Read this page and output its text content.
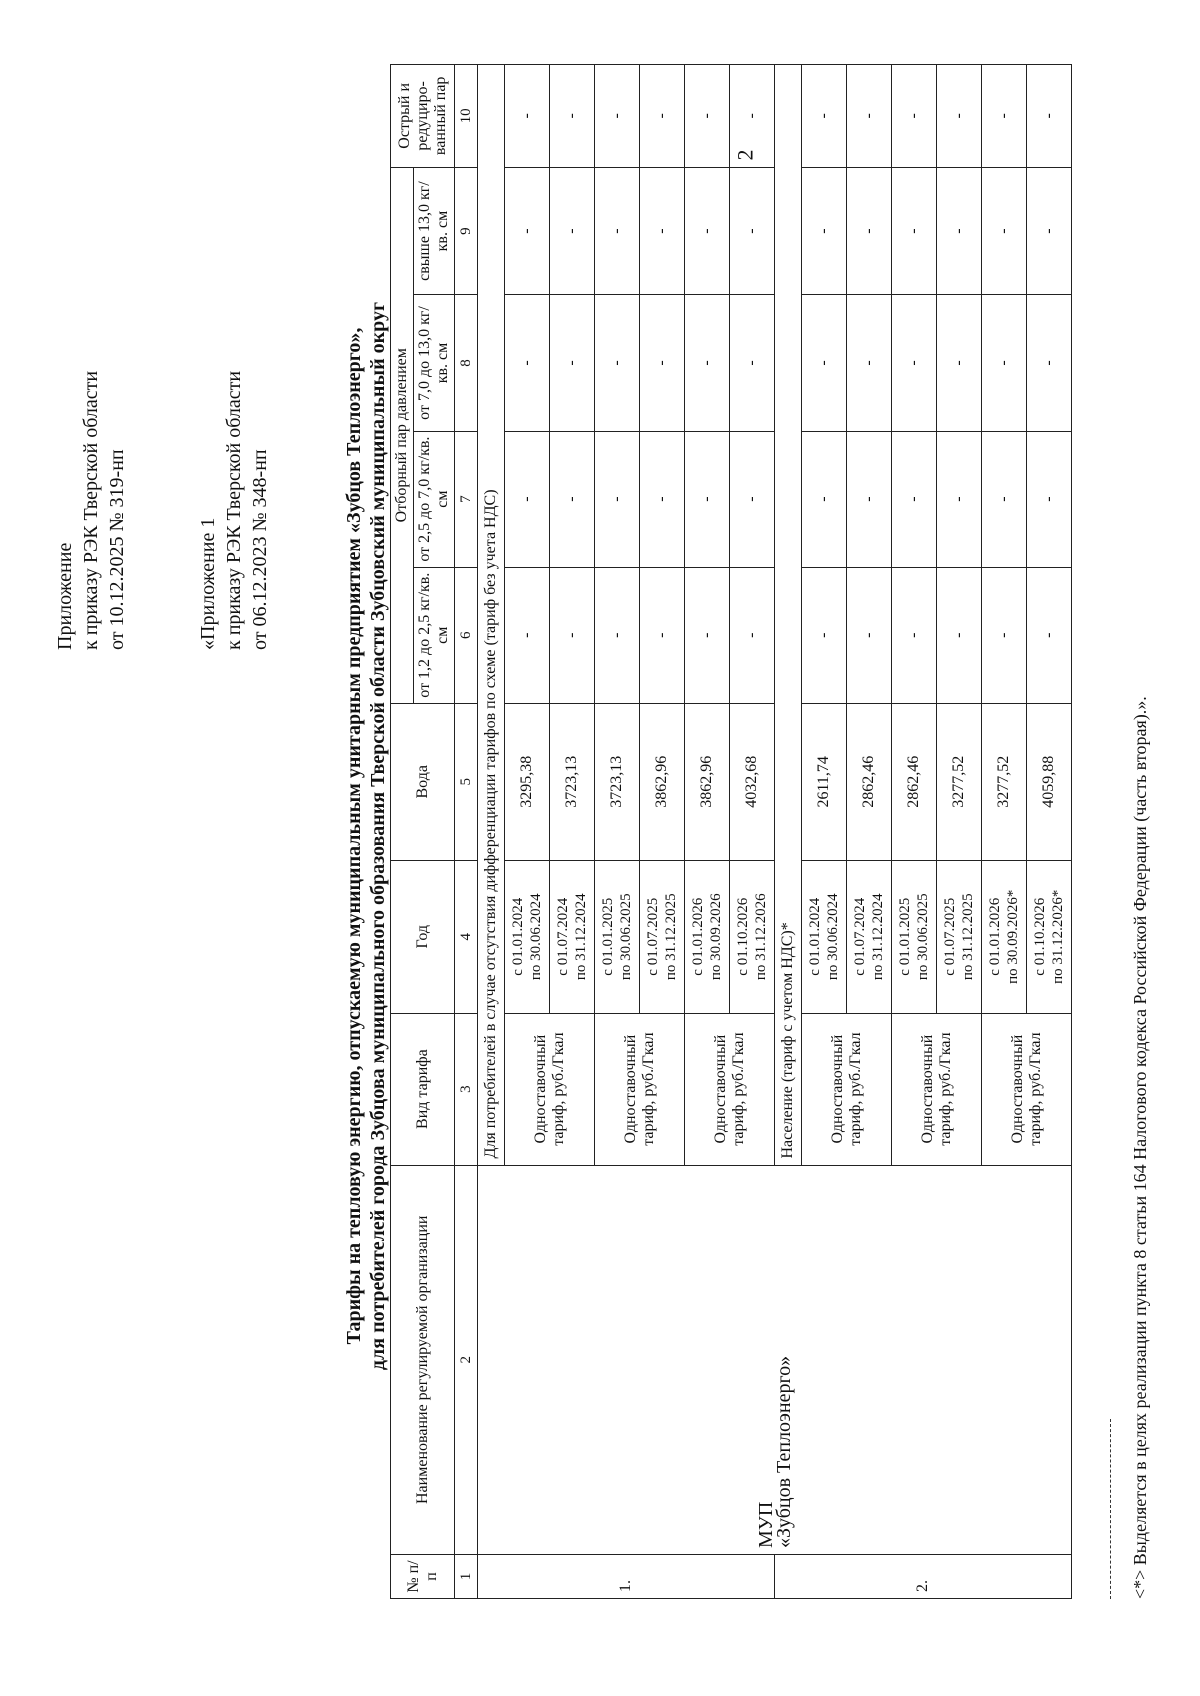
2
Приложение к приказу РЭК Тверской области от 10.12.2025 № 319-нп	«Приложение 1 к приказу РЭК Тверской области от 06.12.2023 № 348-нп	Тарифы на тепловую энергию, отпускаемую муниципальным унитарным предприятием «Зубцов Теплоэнерго», для потребителей города Зубцова муниципального образования Тверской области Зубцовский муниципальный округ
№ п/п	Наименование регулируемой организации	Вид тарифа	Год	Вода	Отборный пар давлением				Острый и редуциро-ванный пар
					от 1,2 до 2,5 кг/кв. см	от 2,5 до 7,0 кг/кв. см	от 7,0 до 13,0 кг/кв. см	свыше 13,0 кг/кв. см	
1	2	3	4	5	6	7	8	9	10
1.	МУП
«Зубцов Теплоэнерго»	Для потребителей в случае отсутствия дифференциации тарифов по схеме (тариф без учета НДС)							

		Одноставочный тариф, руб./Гкал	с 01.01.2024 по 30.06.2024	3295,38	-	-	-	-	-

			с 01.07.2024 по 31.12.2024	3723,13	-	-	-	-	-

		Одноставочный тариф, руб./Гкал	с 01.01.2025 по 30.06.2025	3723,13	-	-	-	-	-

			с 01.07.2025 по 31.12.2025	3862,96	-	-	-	-	-

		Одноставочный тариф, руб./Гкал	с 01.01.2026 по 30.09.2026	3862,96	-	-	-	-	-

			с 01.10.2026 по 31.12.2026	4032,68	-	-	-	-	-
2.		Население (тариф с учетом НДС)*							

		Одноставочный тариф, руб./Гкал	с 01.01.2024 по 30.06.2024	2611,74	-	-	-	-	-

			с 01.07.2024 по 31.12.2024	2862,46	-	-	-	-	-

		Одноставочный тариф, руб./Гкал	с 01.01.2025 по 30.06.2025	2862,46	-	-	-	-	-

			с 01.07.2025 по 31.12.2025	3277,52	-	-	-	-	-

		Одноставочный тариф, руб./Гкал	с 01.01.2026 по 30.09.2026*	3277,52	-	-	-	-	-

			с 01.10.2026 по 31.12.2026*	4059,88	-	-	-	-	-
<*> Выделяется в целях реализации пункта 8 статьи 164 Налогового кодекса Российской Федерации (часть вторая).».
